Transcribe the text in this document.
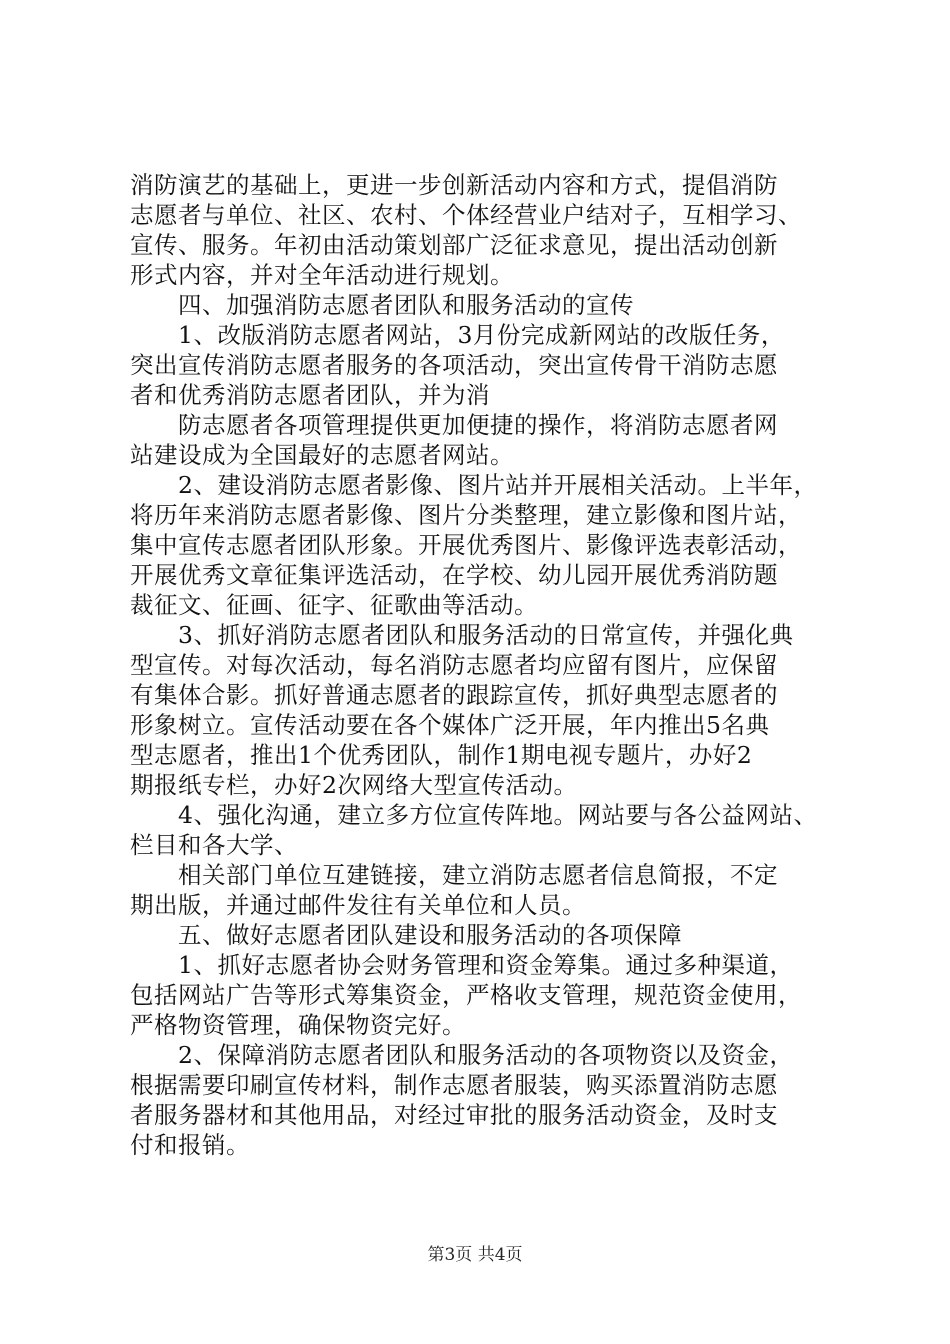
消防演艺的基础上，更进一步创新活动内容和方式，提倡消防
志愿者与单位、社区、农村、个体经营业户结对子，互相学习、
宣传、服务。年初由活动策划部广泛征求意见，提出活动创新
形式内容，并对全年活动进行规划。
四、加强消防志愿者团队和服务活动的宣传
1、改版消防志愿者网站，3月份完成新网站的改版任务，
突出宣传消防志愿者服务的各项活动，突出宣传骨干消防志愿
者和优秀消防志愿者团队，并为消
防志愿者各项管理提供更加便捷的操作，将消防志愿者网
站建设成为全国最好的志愿者网站。
2、建设消防志愿者影像、图片站并开展相关活动。上半年，
将历年来消防志愿者影像、图片分类整理，建立影像和图片站，
集中宣传志愿者团队形象。开展优秀图片、影像评选表彰活动，
开展优秀文章征集评选活动，在学校、幼儿园开展优秀消防题
裁征文、征画、征字、征歌曲等活动。
3、抓好消防志愿者团队和服务活动的日常宣传，并强化典
型宣传。对每次活动，每名消防志愿者均应留有图片，应保留
有集体合影。抓好普通志愿者的跟踪宣传，抓好典型志愿者的
形象树立。宣传活动要在各个媒体广泛开展，年内推出5名典
型志愿者，推出1个优秀团队，制作1期电视专题片，办好2
期报纸专栏，办好2次网络大型宣传活动。
4、强化沟通，建立多方位宣传阵地。网站要与各公益网站、
栏目和各大学、
相关部门单位互建链接，建立消防志愿者信息简报，不定
期出版，并通过邮件发往有关单位和人员。
五、做好志愿者团队建设和服务活动的各项保障
1、抓好志愿者协会财务管理和资金筹集。通过多种渠道，
包括网站广告等形式筹集资金，严格收支管理，规范资金使用，
严格物资管理，确保物资完好。
2、保障消防志愿者团队和服务活动的各项物资以及资金，
根据需要印刷宣传材料，制作志愿者服装，购买添置消防志愿
者服务器材和其他用品，对经过审批的服务活动资金，及时支
付和报销。
第3页 共4页
